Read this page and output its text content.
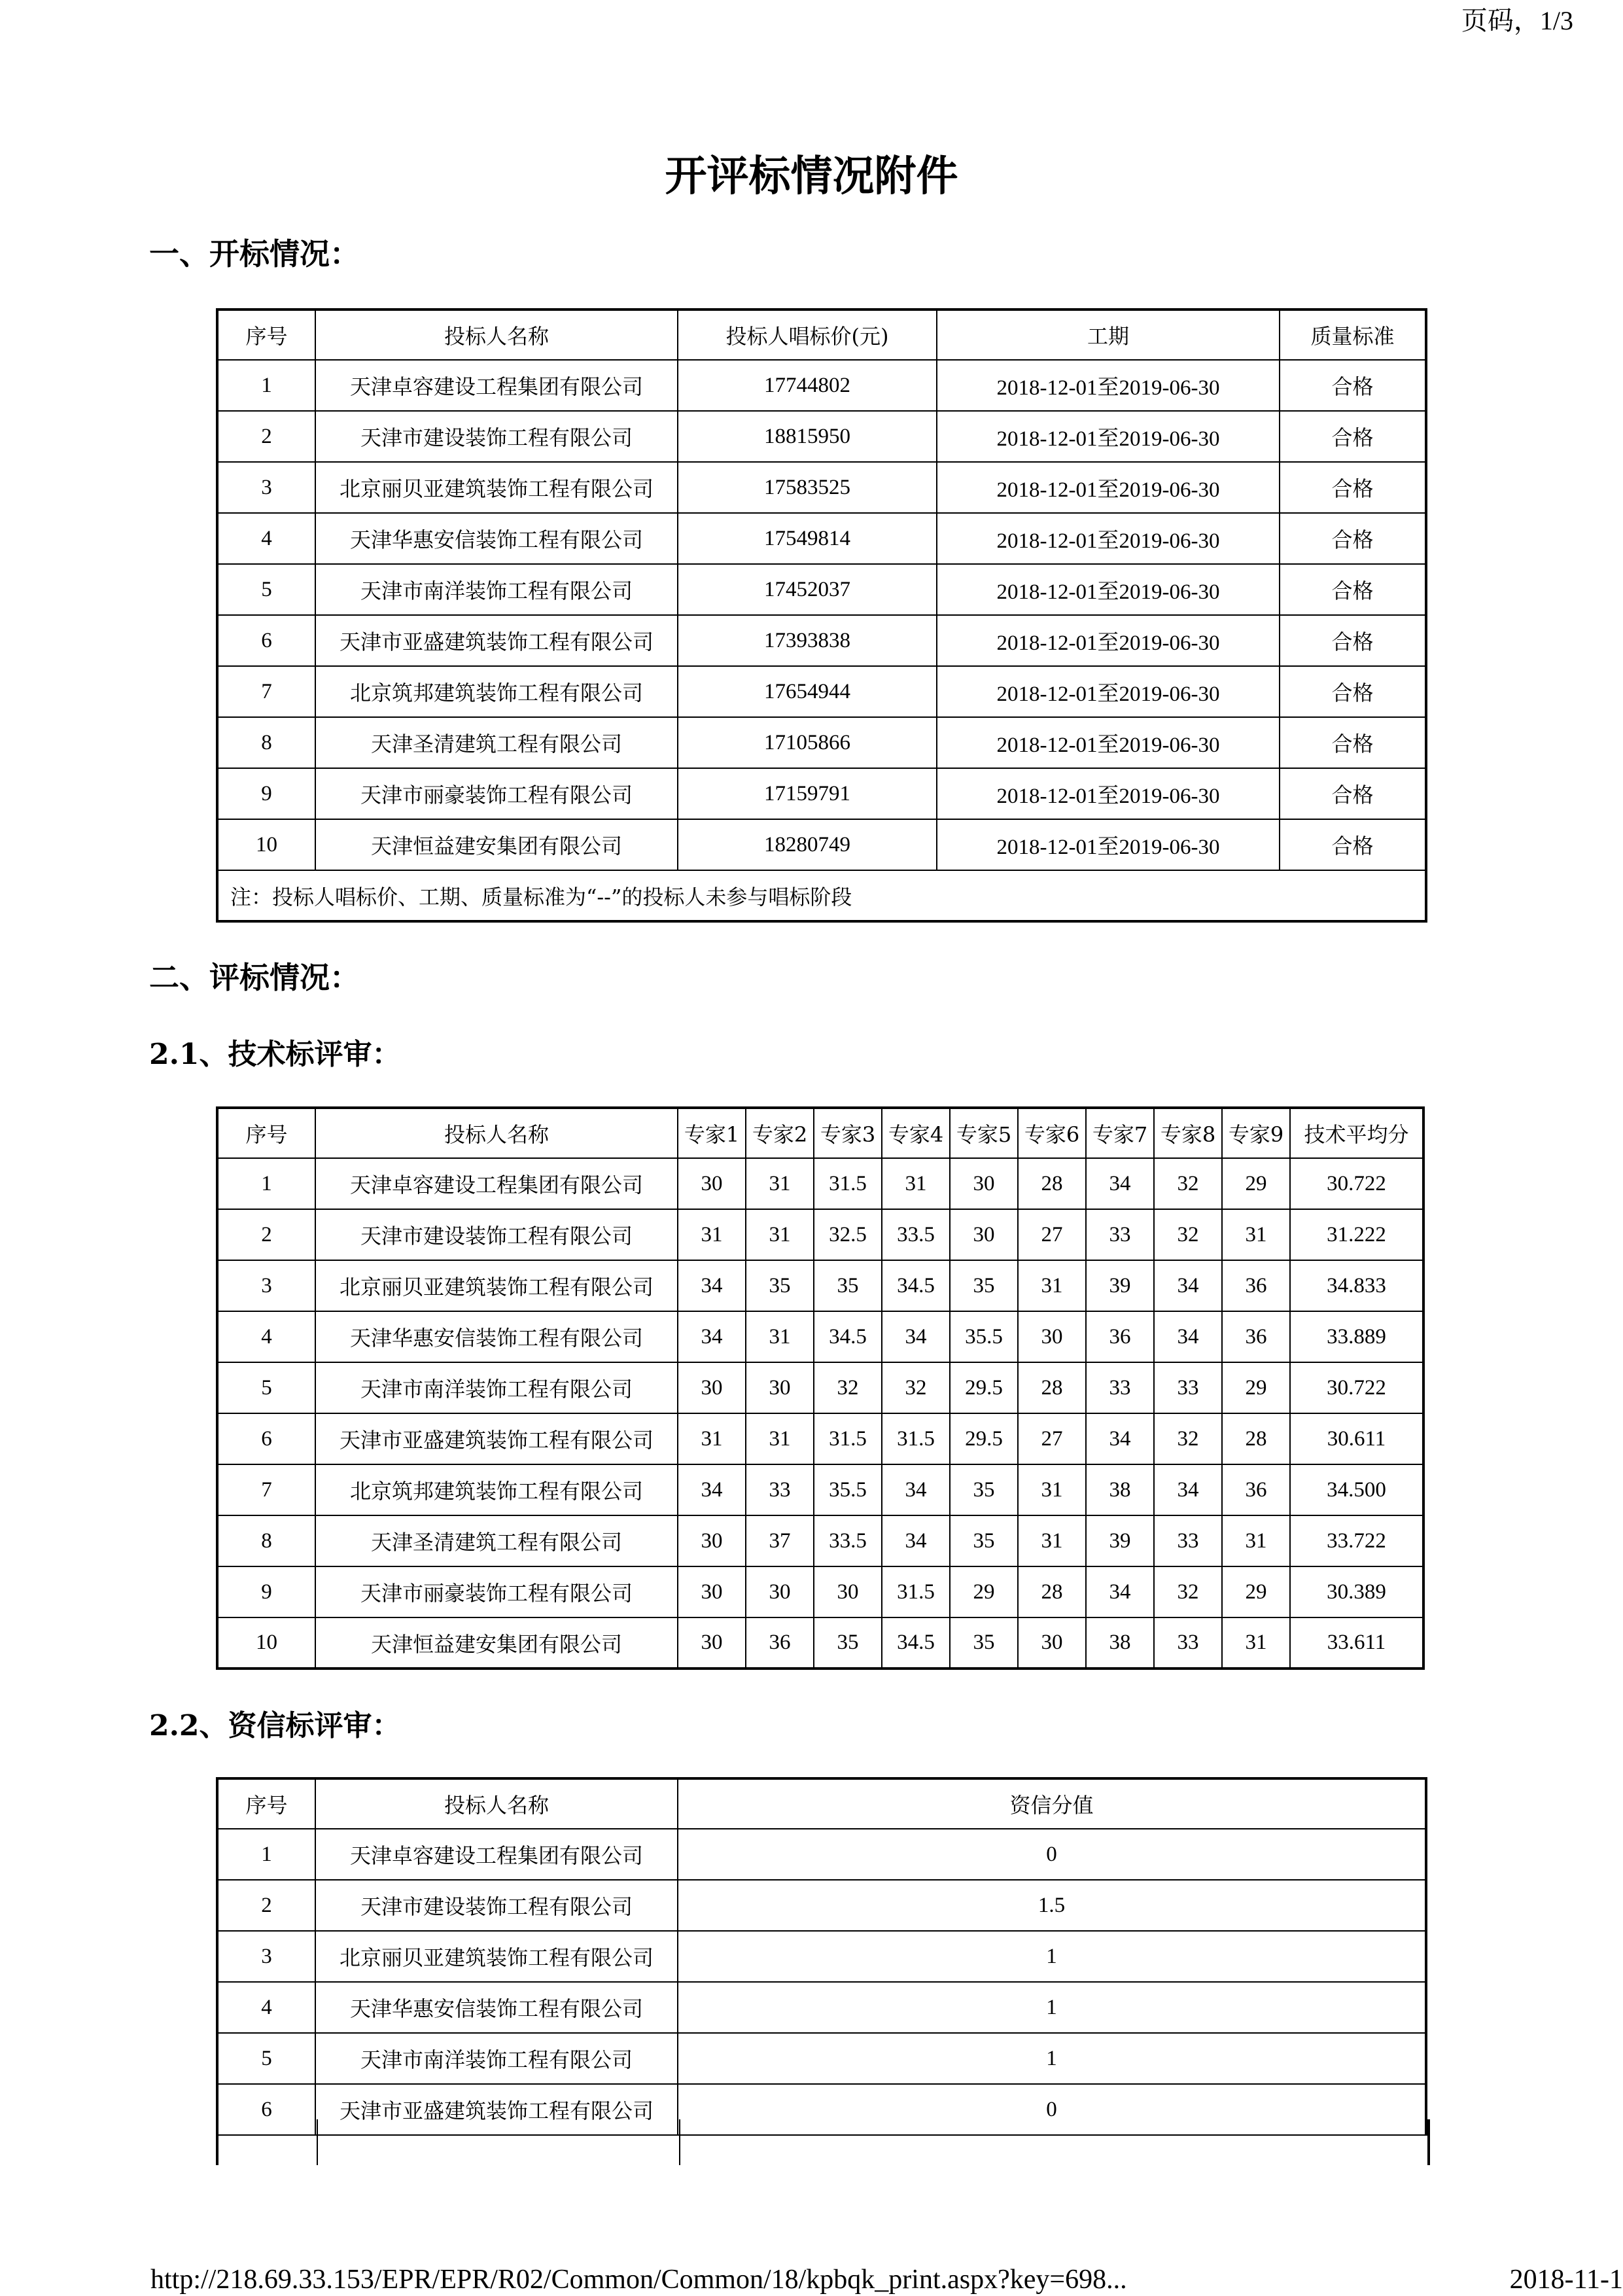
页码，1/3
开评标情况附件
一、开标情况：
序号	投标人名称	投标人唱标价(元)	工期	质量标准
1	天津卓容建设工程集团有限公司	17744802	2018-12-01至2019-06-30	合格
2	天津市建设装饰工程有限公司	18815950	2018-12-01至2019-06-30	合格
3	北京丽贝亚建筑装饰工程有限公司	17583525	2018-12-01至2019-06-30	合格
4	天津华惠安信装饰工程有限公司	17549814	2018-12-01至2019-06-30	合格
5	天津市南洋装饰工程有限公司	17452037	2018-12-01至2019-06-30	合格
6	天津市亚盛建筑装饰工程有限公司	17393838	2018-12-01至2019-06-30	合格
7	北京筑邦建筑装饰工程有限公司	17654944	2018-12-01至2019-06-30	合格
8	天津圣清建筑工程有限公司	17105866	2018-12-01至2019-06-30	合格
9	天津市丽豪装饰工程有限公司	17159791	2018-12-01至2019-06-30	合格
10	天津恒益建安集团有限公司	18280749	2018-12-01至2019-06-30	合格
注：投标人唱标价、工期、质量标准为“--”的投标人未参与唱标阶段				
二、评标情况：
2.1、技术标评审：
序号	投标人名称	专家1	专家2	专家3	专家4	专家5	专家6	专家7	专家8	专家9	技术平均分
1	天津卓容建设工程集团有限公司	30	31	31.5	31	30	28	34	32	29	30.722
2	天津市建设装饰工程有限公司	31	31	32.5	33.5	30	27	33	32	31	31.222
3	北京丽贝亚建筑装饰工程有限公司	34	35	35	34.5	35	31	39	34	36	34.833
4	天津华惠安信装饰工程有限公司	34	31	34.5	34	35.5	30	36	34	36	33.889
5	天津市南洋装饰工程有限公司	30	30	32	32	29.5	28	33	33	29	30.722
6	天津市亚盛建筑装饰工程有限公司	31	31	31.5	31.5	29.5	27	34	32	28	30.611
7	北京筑邦建筑装饰工程有限公司	34	33	35.5	34	35	31	38	34	36	34.500
8	天津圣清建筑工程有限公司	30	37	33.5	34	35	31	39	33	31	33.722
9	天津市丽豪装饰工程有限公司	30	30	30	31.5	29	28	34	32	29	30.389
10	天津恒益建安集团有限公司	30	36	35	34.5	35	30	38	33	31	33.611
2.2、资信标评审：
序号	投标人名称	资信分值
1	天津卓容建设工程集团有限公司	0
2	天津市建设装饰工程有限公司	1.5
3	北京丽贝亚建筑装饰工程有限公司	1
4	天津华惠安信装饰工程有限公司	1
5	天津市南洋装饰工程有限公司	1
6	天津市亚盛建筑装饰工程有限公司	0
http://218.69.33.153/EPR/EPR/R02/Common/Common/18/kpbqk_print.aspx?key=698...	2018-11-1
